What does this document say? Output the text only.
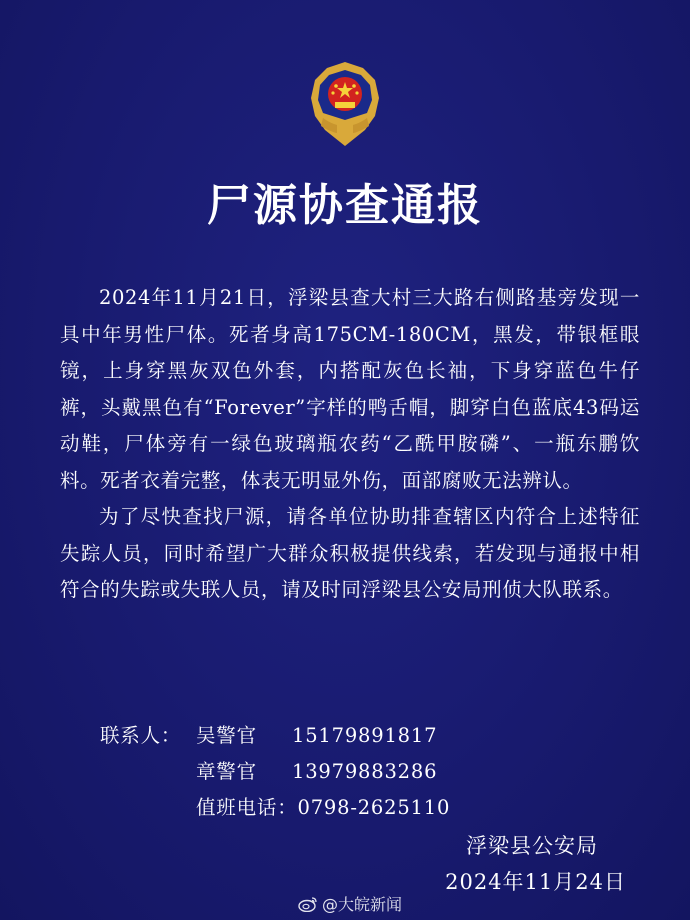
尸源协查通报

2024年11月21日，浮梁县查大村三大路右侧路基旁发现一具中年男性尸体。死者身高175CM-180CM，黑发，带银框眼镜，上身穿黑灰双色外套，内搭配灰色长袖，下身穿蓝色牛仔裤，头戴黑色有“Forever”字样的鸭舌帽，脚穿白色蓝底43码运动鞋，尸体旁有一绿色玻璃瓶农药“乙酰甲胺磷”、一瓶东鹏饮料。死者衣着完整，体表无明显外伤，面部腐败无法辨认。

为了尽快查找尸源，请各单位协助排查辖区内符合上述特征失踪人员，同时希望广大群众积极提供线索，若发现与通报中相符合的失踪或失联人员，请及时同浮梁县公安局刑侦大队联系。

联系人： 吴警官 15179891817
章警官 13979883286
值班电话：0798-2625110
浮梁县公安局
2024年11月24日
@大皖新闻
